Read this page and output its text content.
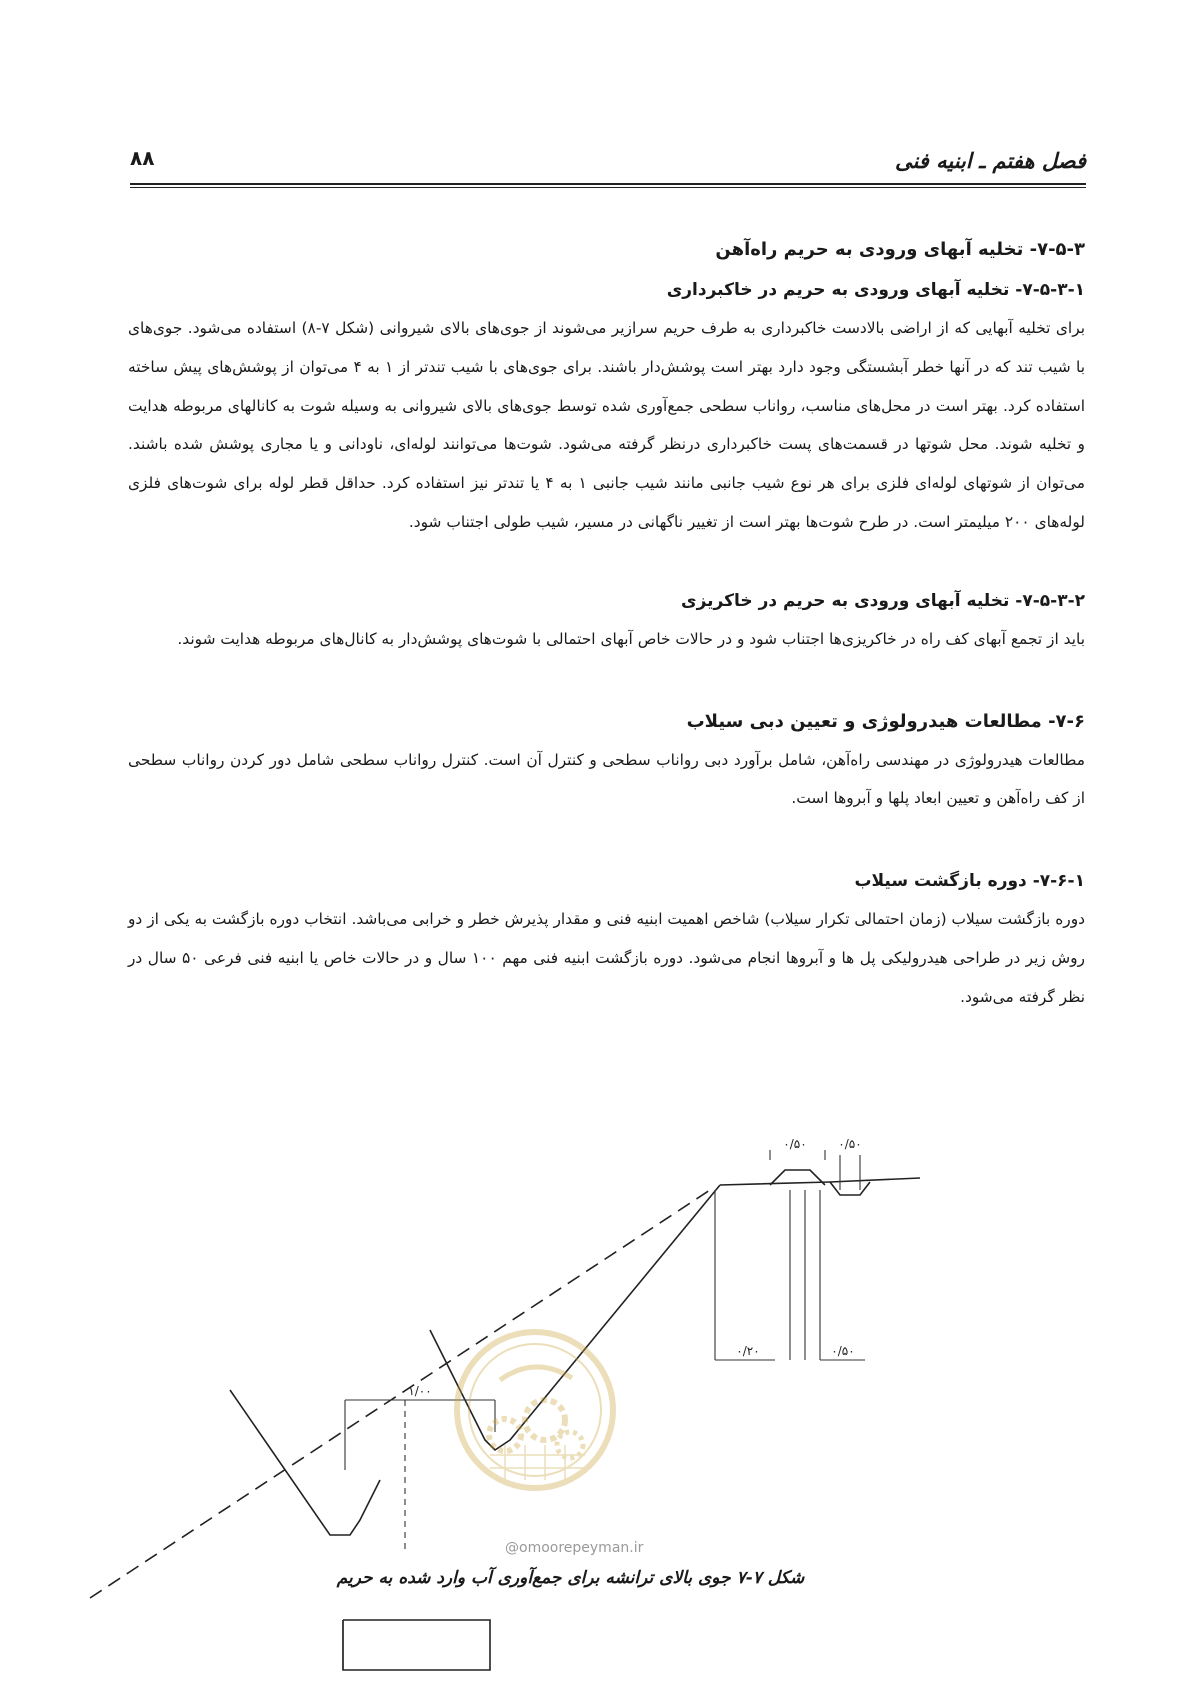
فصل هفتم ـ ابنیه فنی
۸۸

۷-۵-۳- تخلیه آبهای ورودی به حریم راه‌آهن

۷-۵-۳-۱- تخلیه آبهای ورودی به حریم در خاکبرداری

برای تخلیه آبهایی که از اراضی بالادست خاکبرداری به طرف حریم سرازیر می‌شوند از جوی‌های بالای شیروانی (شکل ۷-۸) استفاده می‌شود. جوی‌های با شیب تند که در آنها خطر آبشستگی وجود دارد بهتر است پوشش‌دار باشند. برای جوی‌های با شیب تندتر از ۱ به ۴ می‌توان از پوشش‌های پیش ساخته استفاده کرد. بهتر است در محل‌های مناسب، رواناب سطحی جمع‌آوری شده توسط جوی‌های بالای شیروانی به وسیله شوت به کانالهای مربوطه هدایت و تخلیه شوند. محل شوتها در قسمت‌های پست خاکبرداری درنظر گرفته می‌شود. شوت‌ها می‌توانند لوله‌ای، ناودانی و یا مجاری پوشش شده باشند. می‌توان از شوتهای لوله‌ای فلزی برای هر نوع شیب جانبی مانند شیب جانبی ۱ به ۴ یا تندتر نیز استفاده کرد. حداقل قطر لوله برای شوت‌های فلزی لوله‌های ۲۰۰ میلیمتر است. در طرح شوت‌ها بهتر است از تغییر ناگهانی در مسیر، شیب طولی اجتناب شود.

۷-۵-۳-۲- تخلیه آبهای ورودی به حریم در خاکریزی

باید از تجمع آبهای کف راه در خاکریزی‌ها اجتناب شود و در حالات خاص آبهای احتمالی با شوت‌های پوشش‌دار به کانال‌های مربوطه هدایت شوند.

۷-۶- مطالعات هیدرولوژی و تعیین دبی سیلاب

مطالعات هیدرولوژی در مهندسی راه‌آهن، شامل برآورد دبی رواناب سطحی و کنترل آن است. کنترل رواناب سطحی شامل دور کردن رواناب سطحی از کف راه‌آهن و تعیین ابعاد پلها و آبروها است.

۷-۶-۱- دوره بازگشت سیلاب

دوره بازگشت سیلاب (زمان احتمالی تکرار سیلاب) شاخص اهمیت ابنیه فنی و مقدار پذیرش خطر و خرابی می‌باشد. انتخاب دوره بازگشت به یکی از دو روش زیر در طراحی هیدرولیکی پل ها و آبروها انجام می‌شود. دوره بازگشت ابنیه فنی مهم ۱۰۰ سال و در حالات خاص یا ابنیه فنی فرعی ۵۰ سال در نظر گرفته می‌شود.

۰/۵۰	۰/۵۰
۰/۲۰	۰/۵۰
۱/۰۰
@omoorepeyman.ir
شکل ۷-۷ جوی بالای ترانشه برای جمع‌آوری آب وارد شده به حریم
